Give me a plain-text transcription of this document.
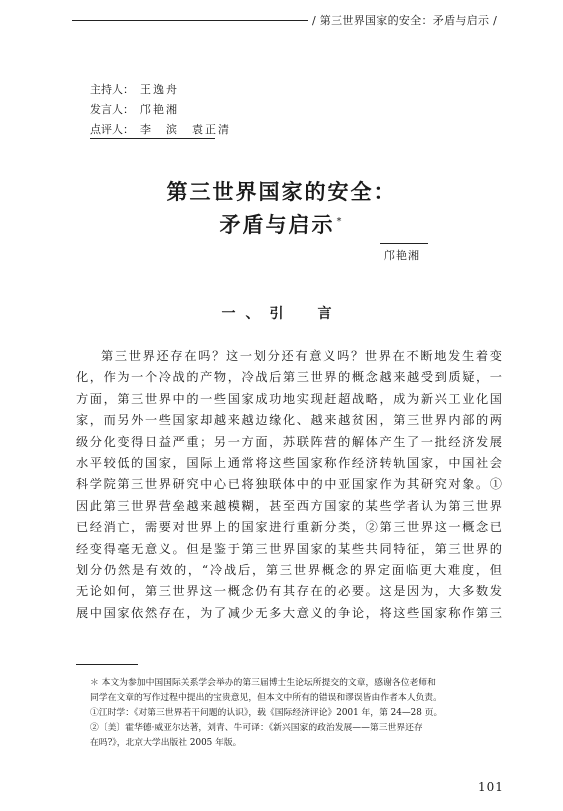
/ 第三世界国家的安全：矛盾与启示 /
主持人： 王逸舟
发言人： 邝艳湘
点评人： 李　滨　袁正清
第三世界国家的安全：
矛盾与启示 *
邝艳湘
一、引　言
第三世界还存在吗？这一划分还有意义吗？世界在不断地发生着变
化，作为一个冷战的产物，冷战后第三世界的概念越来越受到质疑，一
方面，第三世界中的一些国家成功地实现赶超战略，成为新兴工业化国
家，而另外一些国家却越来越边缘化、越来越贫困，第三世界内部的两
级分化变得日益严重；另一方面，苏联阵营的解体产生了一批经济发展
水平较低的国家，国际上通常将这些国家称作经济转轨国家，中国社会
科学院第三世界研究中心已将独联体中的中亚国家作为其研究对象。①
因此第三世界营垒越来越模糊，甚至西方国家的某些学者认为第三世界
已经消亡，需要对世界上的国家进行重新分类，②第三世界这一概念已
经变得毫无意义。但是鉴于第三世界国家的某些共同特征，第三世界的
划分仍然是有效的，“冷战后，第三世界概念的界定面临更大难度，但
无论如何，第三世界这一概念仍有其存在的必要。这是因为，大多数发
展中国家依然存在，为了减少无多大意义的争论，将这些国家称作第三
＊ 本文为参加中国国际关系学会举办的第三届博士生论坛所提交的文章，感谢各位老师和
同学在文章的写作过程中提出的宝贵意见，但本文中所有的错误和谬误皆由作者本人负责。
①江时学：《对第三世界若干问题的认识》，载《国际经济评论》2001 年，第 24—28 页。
②〔美〕霍华德·威亚尔达著，刘青、牛可译：《新兴国家的政治发展——第三世界还存
在吗?》，北京大学出版社 2005 年版。
101
